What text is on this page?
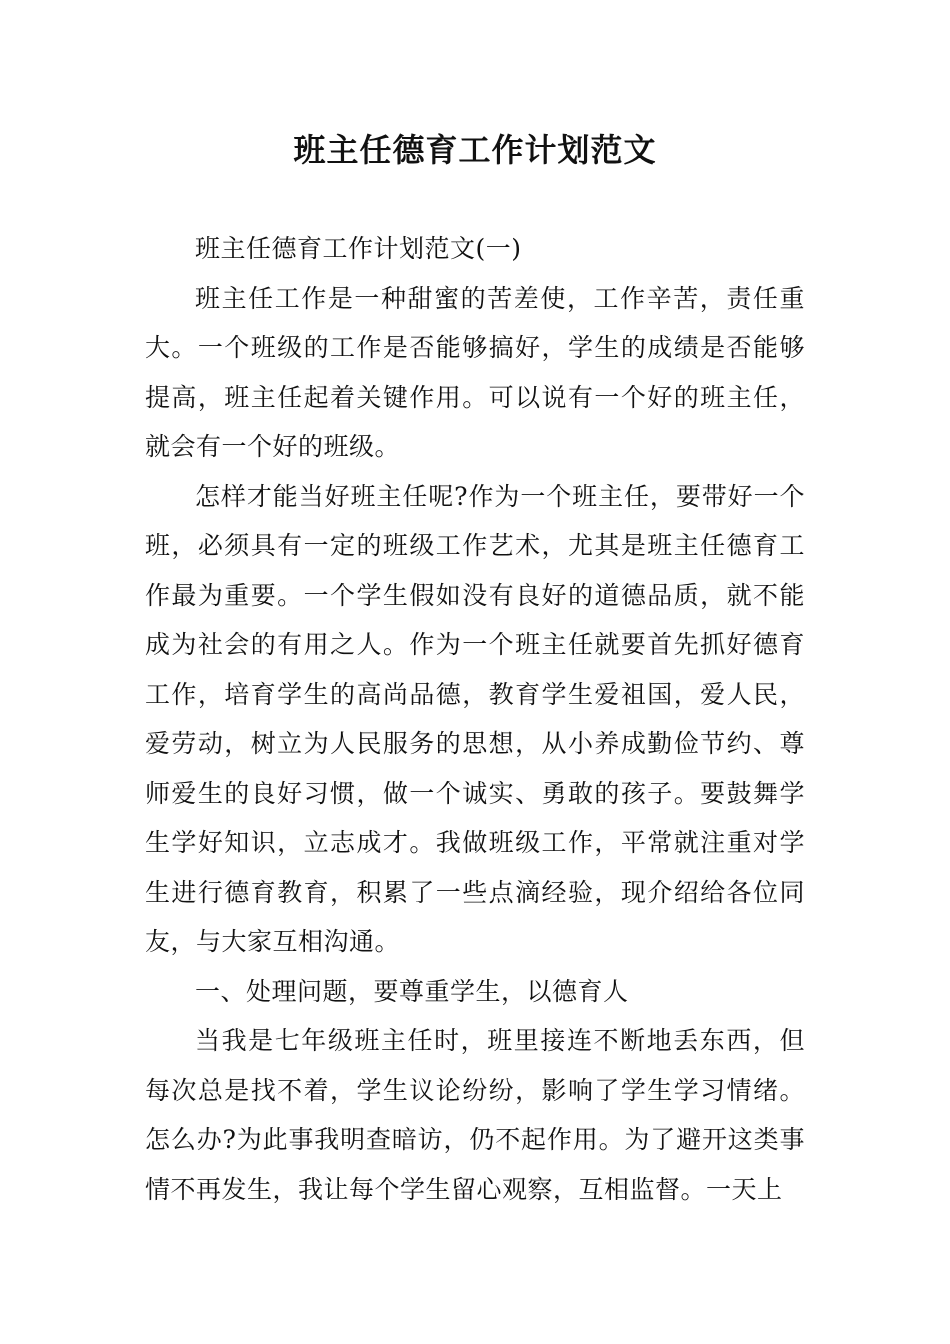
班主任德育工作计划范文

班主任德育工作计划范文(一)

班主任工作是一种甜蜜的苦差使，工作辛苦，责任重大。一个班级的工作是否能够搞好，学生的成绩是否能够提高，班主任起着关键作用。可以说有一个好的班主任，就会有一个好的班级。

怎样才能当好班主任呢?作为一个班主任，要带好一个班，必须具有一定的班级工作艺术，尤其是班主任德育工作最为重要。一个学生假如没有良好的道德品质，就不能成为社会的有用之人。作为一个班主任就要首先抓好德育工作，培育学生的高尚品德，教育学生爱祖国，爱人民，爱劳动，树立为人民服务的思想，从小养成勤俭节约、尊师爱生的良好习惯，做一个诚实、勇敢的孩子。要鼓舞学生学好知识，立志成才。我做班级工作，平常就注重对学生进行德育教育，积累了一些点滴经验，现介绍给各位同友，与大家互相沟通。

一、处理问题，要尊重学生，以德育人

当我是七年级班主任时，班里接连不断地丢东西，但每次总是找不着，学生议论纷纷，影响了学生学习情绪。怎么办?为此事我明查暗访，仍不起作用。为了避开这类事情不再发生，我让每个学生留心观察，互相监督。一天上
